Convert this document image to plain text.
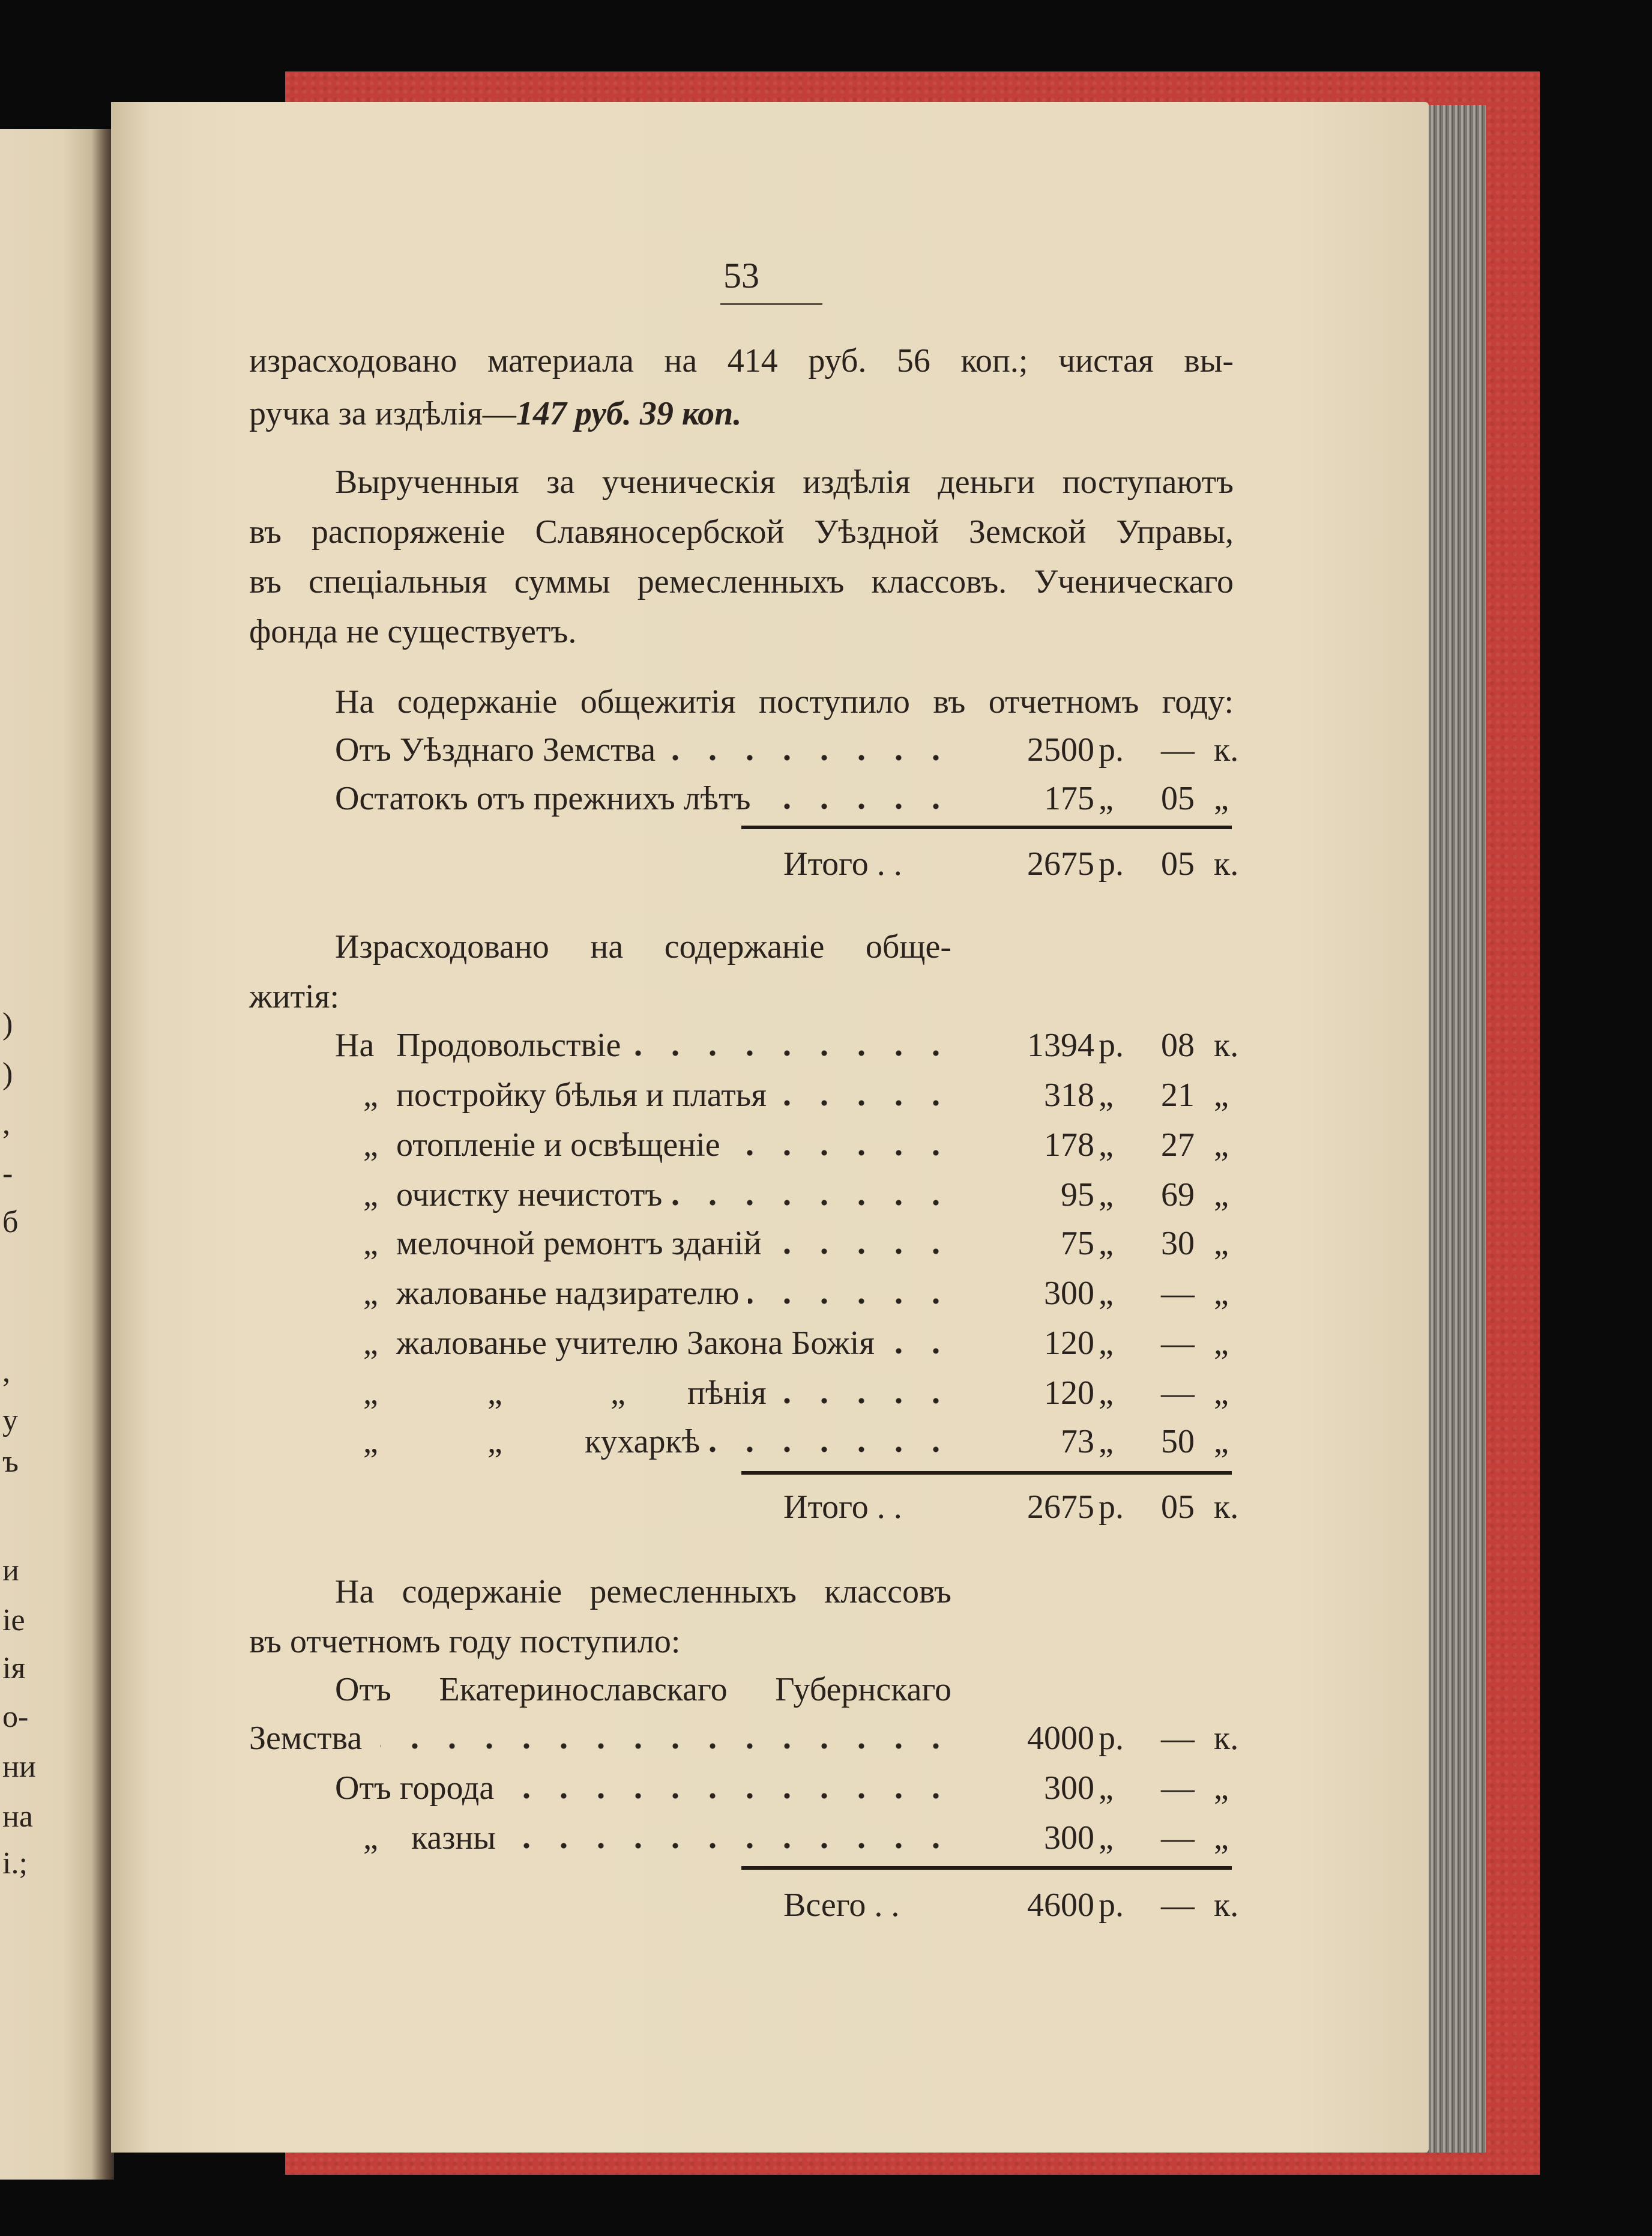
)
)
,
-
б
,
у
ъ
и
іе
ія
о-
ни
на
і.;
53
израсходовано материала на 414 руб. 56 коп.; чистая вы-
ручка за издѣлія—147 руб. 39 коп.
Вырученныя за ученическія издѣлія деньги поступаютъ
въ распоряженіе Славяносербской Уѣздной Земской Управы,
въ спеціальныя суммы ремесленныхъ классовъ. Ученическаго
фонда не существуетъ.
На содержаніе общежитія поступило въ отчетномъ году:
Отъ Уѣзднаго Земства	2500 р. — к.
Остатокъ отъ прежнихъ лѣтъ	175 „ 05 „
Итого . .	2675 р. 05 к.
Израсходовано на содержаніе обще-
житія:
На Продовольствіе	1394 р. 08 к.
„ постройку бѣлья и платья	318 „ 21 „
„ отопленіе и освѣщеніе	178 „ 27 „
„ очистку нечистотъ	95 „ 69 „
„ мелочной ремонтъ зданій	75 „ 30 „
„ жалованье надзирателю	300 „ — „
„ жалованье учителю Закона Божія	120 „ — „
„	„	„ пѣнія	120 „ — „
„	„ кухаркѣ	73 „ 50 „
Итого . .	2675 р. 05 к.
На содержаніе ремесленныхъ классовъ
въ отчетномъ году поступило:
Отъ Екатеринославскаго Губернскаго
Земства	4000 р. — к.
Отъ города	300 „ — „
„ казны	300 „ — „
Всего . .	4600 р. — к.
